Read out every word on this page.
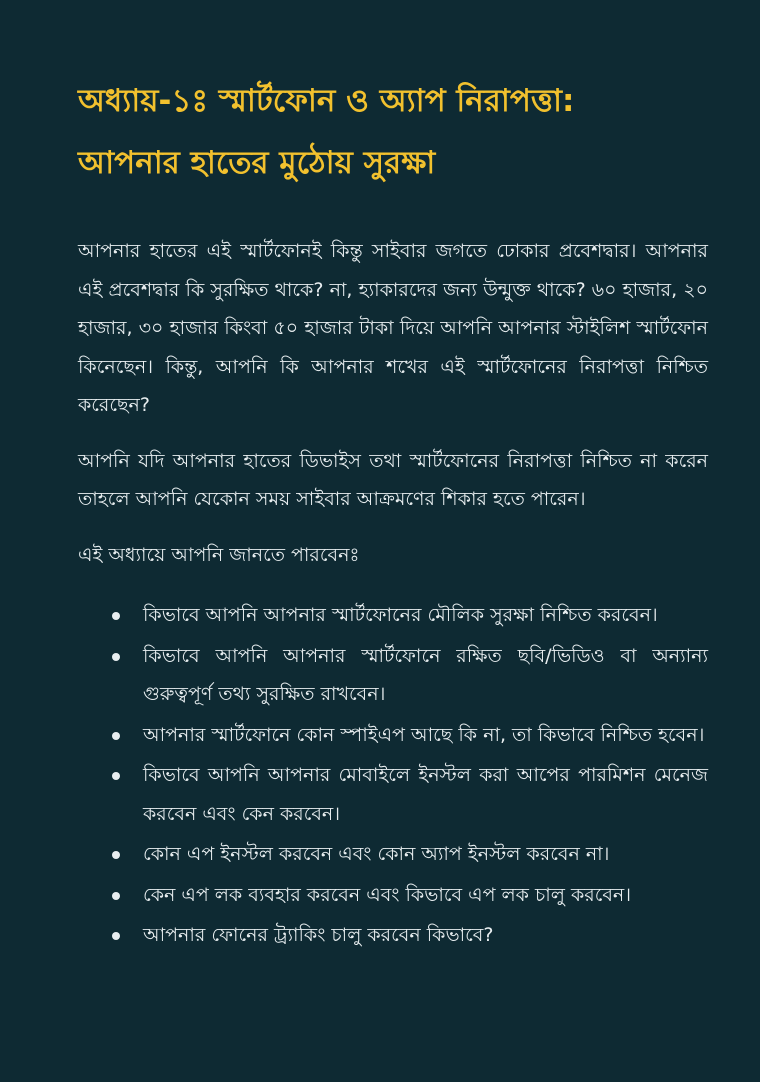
অধ্যায়-১ঃ স্মার্টফোন ও অ্যাপ নিরাপত্তা:
আপনার হাতের মুঠোয় সুরক্ষা

আপনার হাতের এই স্মার্টফোনই কিন্তু সাইবার জগতে ঢোকার প্রবেশদ্বার। আপনার এই প্রবেশদ্বার কি সুরক্ষিত থাকে? না, হ্যাকারদের জন্য উন্মুক্ত থাকে? ৬০ হাজার, ২০ হাজার, ৩০ হাজার কিংবা ৫০ হাজার টাকা দিয়ে আপনি আপনার স্টাইলিশ স্মার্টফোন কিনেছেন। কিন্তু, আপনি কি আপনার শখের এই স্মার্টফোনের নিরাপত্তা নিশ্চিত করেছেন?

আপনি যদি আপনার হাতের ডিভাইস তথা স্মার্টফোনের নিরাপত্তা নিশ্চিত না করেন তাহলে আপনি যেকোন সময় সাইবার আক্রমণের শিকার হতে পারেন।

এই অধ্যায়ে আপনি জানতে পারবেনঃ

কিভাবে আপনি আপনার স্মার্টফোনের মৌলিক সুরক্ষা নিশ্চিত করবেন।
কিভাবে আপনি আপনার স্মার্টফোনে রক্ষিত ছবি/ভিডিও বা অন্যান্য গুরুত্বপূর্ণ তথ্য সুরক্ষিত রাখবেন।
আপনার স্মার্টফোনে কোন স্পাইএপ আছে কি না, তা কিভাবে নিশ্চিত হবেন।
কিভাবে আপনি আপনার মোবাইলে ইনস্টল করা আপের পারমিশন মেনেজ করবেন এবং কেন করবেন।
কোন এপ ইনস্টল করবেন এবং কোন অ্যাপ ইনস্টল করবেন না।
কেন এপ লক ব্যবহার করবেন এবং কিভাবে এপ লক চালু করবেন।
আপনার ফোনের ট্র্যাকিং চালু করবেন কিভাবে?
